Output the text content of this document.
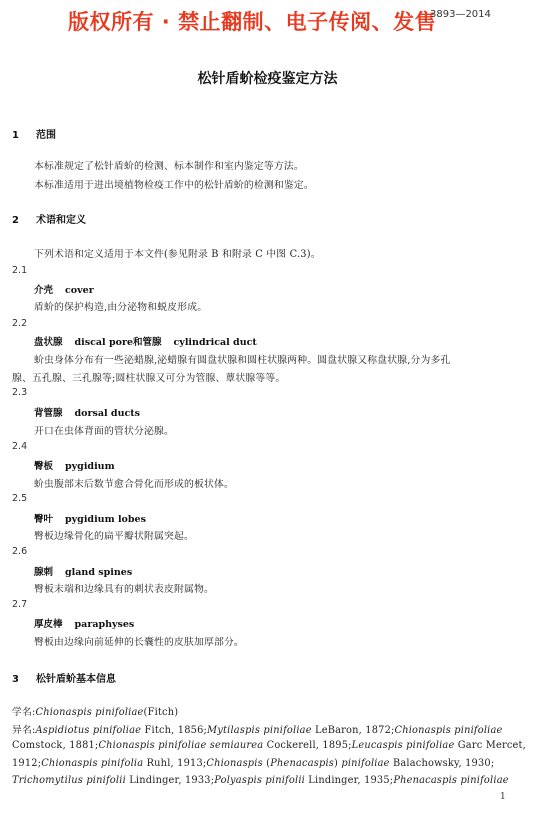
版权所有 · 禁止翻制、电子传阅、发售
3893—2014
松针盾蚧检疫鉴定方法
1 范围
本标准规定了松针盾蚧的检测、标本制作和室内鉴定等方法。
本标准适用于进出境植物检疫工作中的松针盾蚧的检测和鉴定。
2 术语和定义
下列术语和定义适用于本文件(参见附录 B 和附录 C 中图 C.3)。
2.1
介壳 cover
盾蚧的保护构造,由分泌物和蜕皮形成。
2.2
盘状腺 discal pore和管腺 cylindrical duct
蚧虫身体分布有一些泌蜡腺,泌蜡腺有圆盘状腺和圆柱状腺两种。圆盘状腺又称盘状腺,分为多孔
腺、五孔腺、三孔腺等;圆柱状腺又可分为管腺、蕈状腺等等。
2.3
背管腺 dorsal ducts
开口在虫体背面的管状分泌腺。
2.4
臀板 pygidium
蚧虫腹部末后数节愈合骨化而形成的板状体。
2.5
臀叶 pygidium lobes
臀板边缘骨化的扁平瓣状附属突起。
2.6
腺刺 gland spines
臀板末端和边缘具有的刺状表皮附属物。
2.7
厚皮棒 paraphyses
臀板由边缘向前延伸的长囊性的皮肤加厚部分。
3 松针盾蚧基本信息
学名:Chionaspis pinifoliae(Fitch)
异名:Aspidiotus pinifoliae Fitch, 1856;Mytilaspis pinifoliae LeBaron, 1872;Chionaspis pinifoliae
Comstock, 1881;Chionaspis pinifoliae semiaurea Cockerell, 1895;Leucaspis pinifoliae Garc Mercet,
1912;Chionaspis pinifolia Ruhl, 1913;Chionaspis (Phenacaspis) pinifoliae Balachowsky, 1930;
Trichomytilus pinifolii Lindinger, 1933;Polyaspis pinifolii Lindinger, 1935;Phenacaspis pinifoliae
1
